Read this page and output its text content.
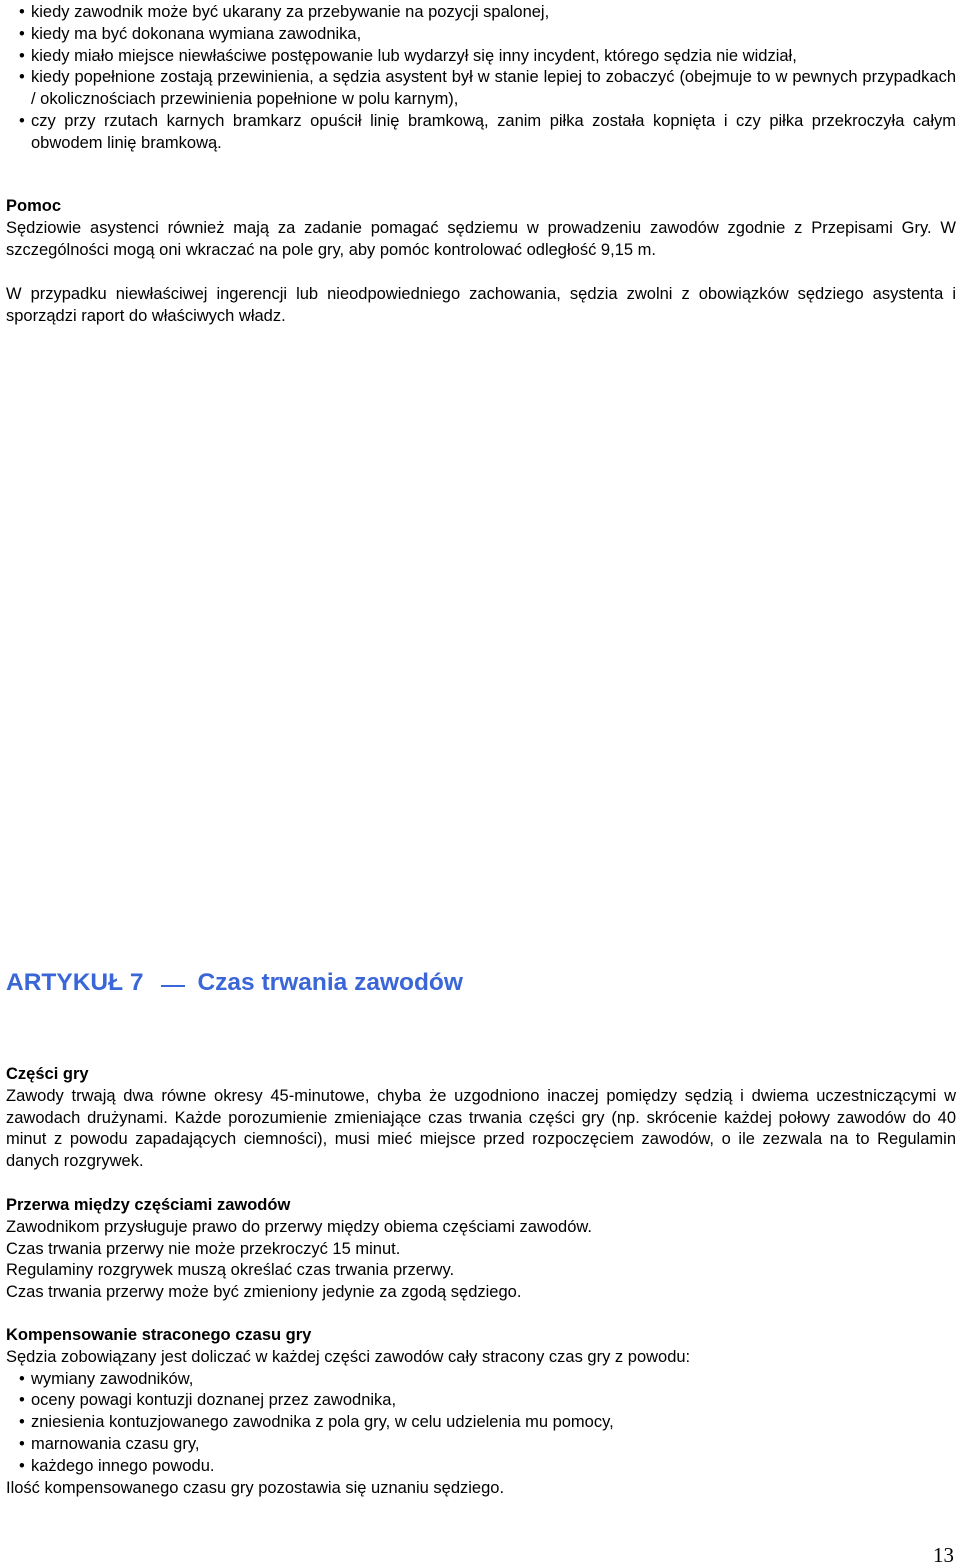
• kiedy zawodnik może być ukarany za przebywanie na pozycji spalonej,
• kiedy ma być dokonana wymiana zawodnika,
• kiedy miało miejsce niewłaściwe postępowanie lub wydarzył się inny incydent, którego sędzia nie widział,
• kiedy popełnione zostają przewinienia, a sędzia asystent był w stanie lepiej to zobaczyć (obejmuje to w pewnych przypadkach / okolicznościach przewinienia popełnione w polu karnym),
• czy przy rzutach karnych bramkarz opuścił linię bramkową, zanim piłka została kopnięta i czy piłka przekroczyła całym obwodem linię bramkową.
Pomoc

Sędziowie asystenci również mają za zadanie pomagać sędziemu w prowadzeniu zawodów zgodnie z Przepisami Gry. W szczególności mogą oni wkraczać na pole gry, aby pomóc kontrolować odległość 9,15 m.

W przypadku niewłaściwej ingerencji lub nieodpowiedniego zachowania, sędzia zwolni z obowiązków sędziego asystenta i sporządzi raport do właściwych władz.

ARTYKUŁ 7 Czas trwania zawodów
Części gry

Zawody trwają dwa równe okresy 45-minutowe, chyba że uzgodniono inaczej pomiędzy sędzią i dwiema uczestniczącymi w zawodach drużynami. Każde porozumienie zmieniające czas trwania części gry (np. skrócenie każdej połowy zawodów do 40 minut z powodu zapadających ciemności), musi mieć miejsce przed rozpoczęciem zawodów, o ile zezwala na to Regulamin danych rozgrywek.

Przerwa między częściami zawodów
Zawodnikom przysługuje prawo do przerwy między obiema częściami zawodów.
Czas trwania przerwy nie może przekroczyć 15 minut.
Regulaminy rozgrywek muszą określać czas trwania przerwy.
Czas trwania przerwy może być zmieniony jedynie za zgodą sędziego.
Kompensowanie straconego czasu gry
Sędzia zobowiązany jest doliczać w każdej części zawodów cały stracony czas gry z powodu:
• wymiany zawodników,
• oceny powagi kontuzji doznanej przez zawodnika,
• zniesienia kontuzjowanego zawodnika z pola gry, w celu udzielenia mu pomocy,
• marnowania czasu gry,
• każdego innego powodu.
Ilość kompensowanego czasu gry pozostawia się uznaniu sędziego.
13
